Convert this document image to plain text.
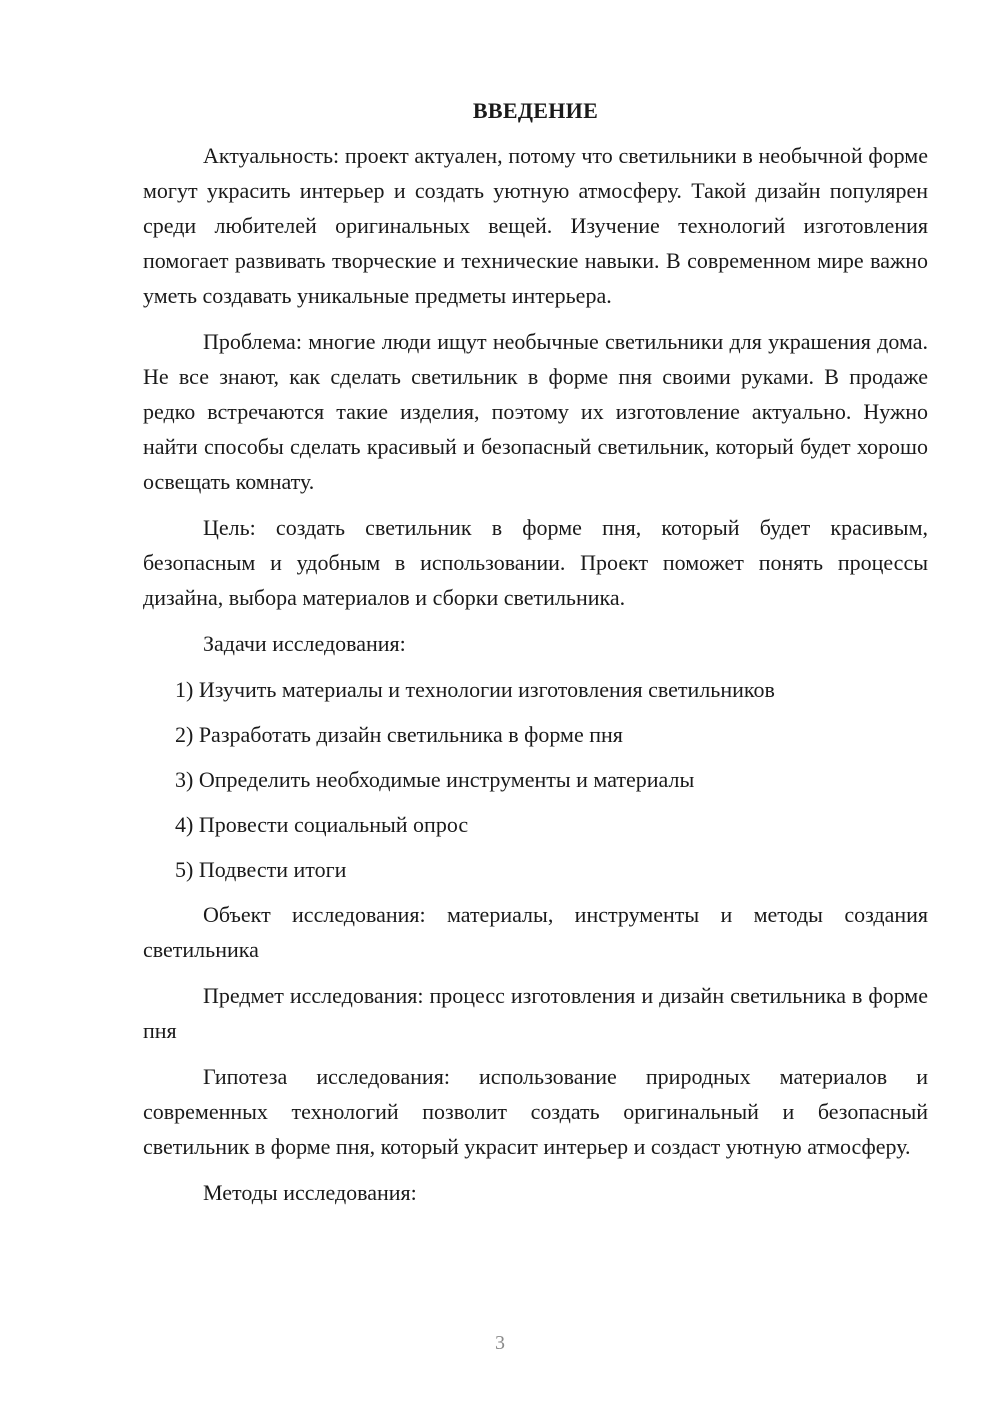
ВВЕДЕНИЕ

Актуальность: проект актуален, потому что светильники в необычной форме могут украсить интерьер и создать уютную атмосферу. Такой дизайн популярен среди любителей оригинальных вещей. Изучение технологий изготовления помогает развивать творческие и технические навыки. В современном мире важно уметь создавать уникальные предметы интерьера.

Проблема: многие люди ищут необычные светильники для украшения дома. Не все знают, как сделать светильник в форме пня своими руками. В продаже редко встречаются такие изделия, поэтому их изготовление актуально. Нужно найти способы сделать красивый и безопасный светильник, который будет хорошо освещать комнату.

Цель: создать светильник в форме пня, который будет красивым, безопасным и удобным в использовании. Проект поможет понять процессы дизайна, выбора материалов и сборки светильника.

Задачи исследования:

1) Изучить материалы и технологии изготовления светильников
2) Разработать дизайн светильника в форме пня
3) Определить необходимые инструменты и материалы
4) Провести социальный опрос
5) Подвести итоги

Объект исследования: материалы, инструменты и методы создания светильника

Предмет исследования: процесс изготовления и дизайн светильника в форме пня

Гипотеза исследования: использование природных материалов и современных технологий позволит создать оригинальный и безопасный светильник в форме пня, который украсит интерьер и создаст уютную атмосферу.

Методы исследования:

3
